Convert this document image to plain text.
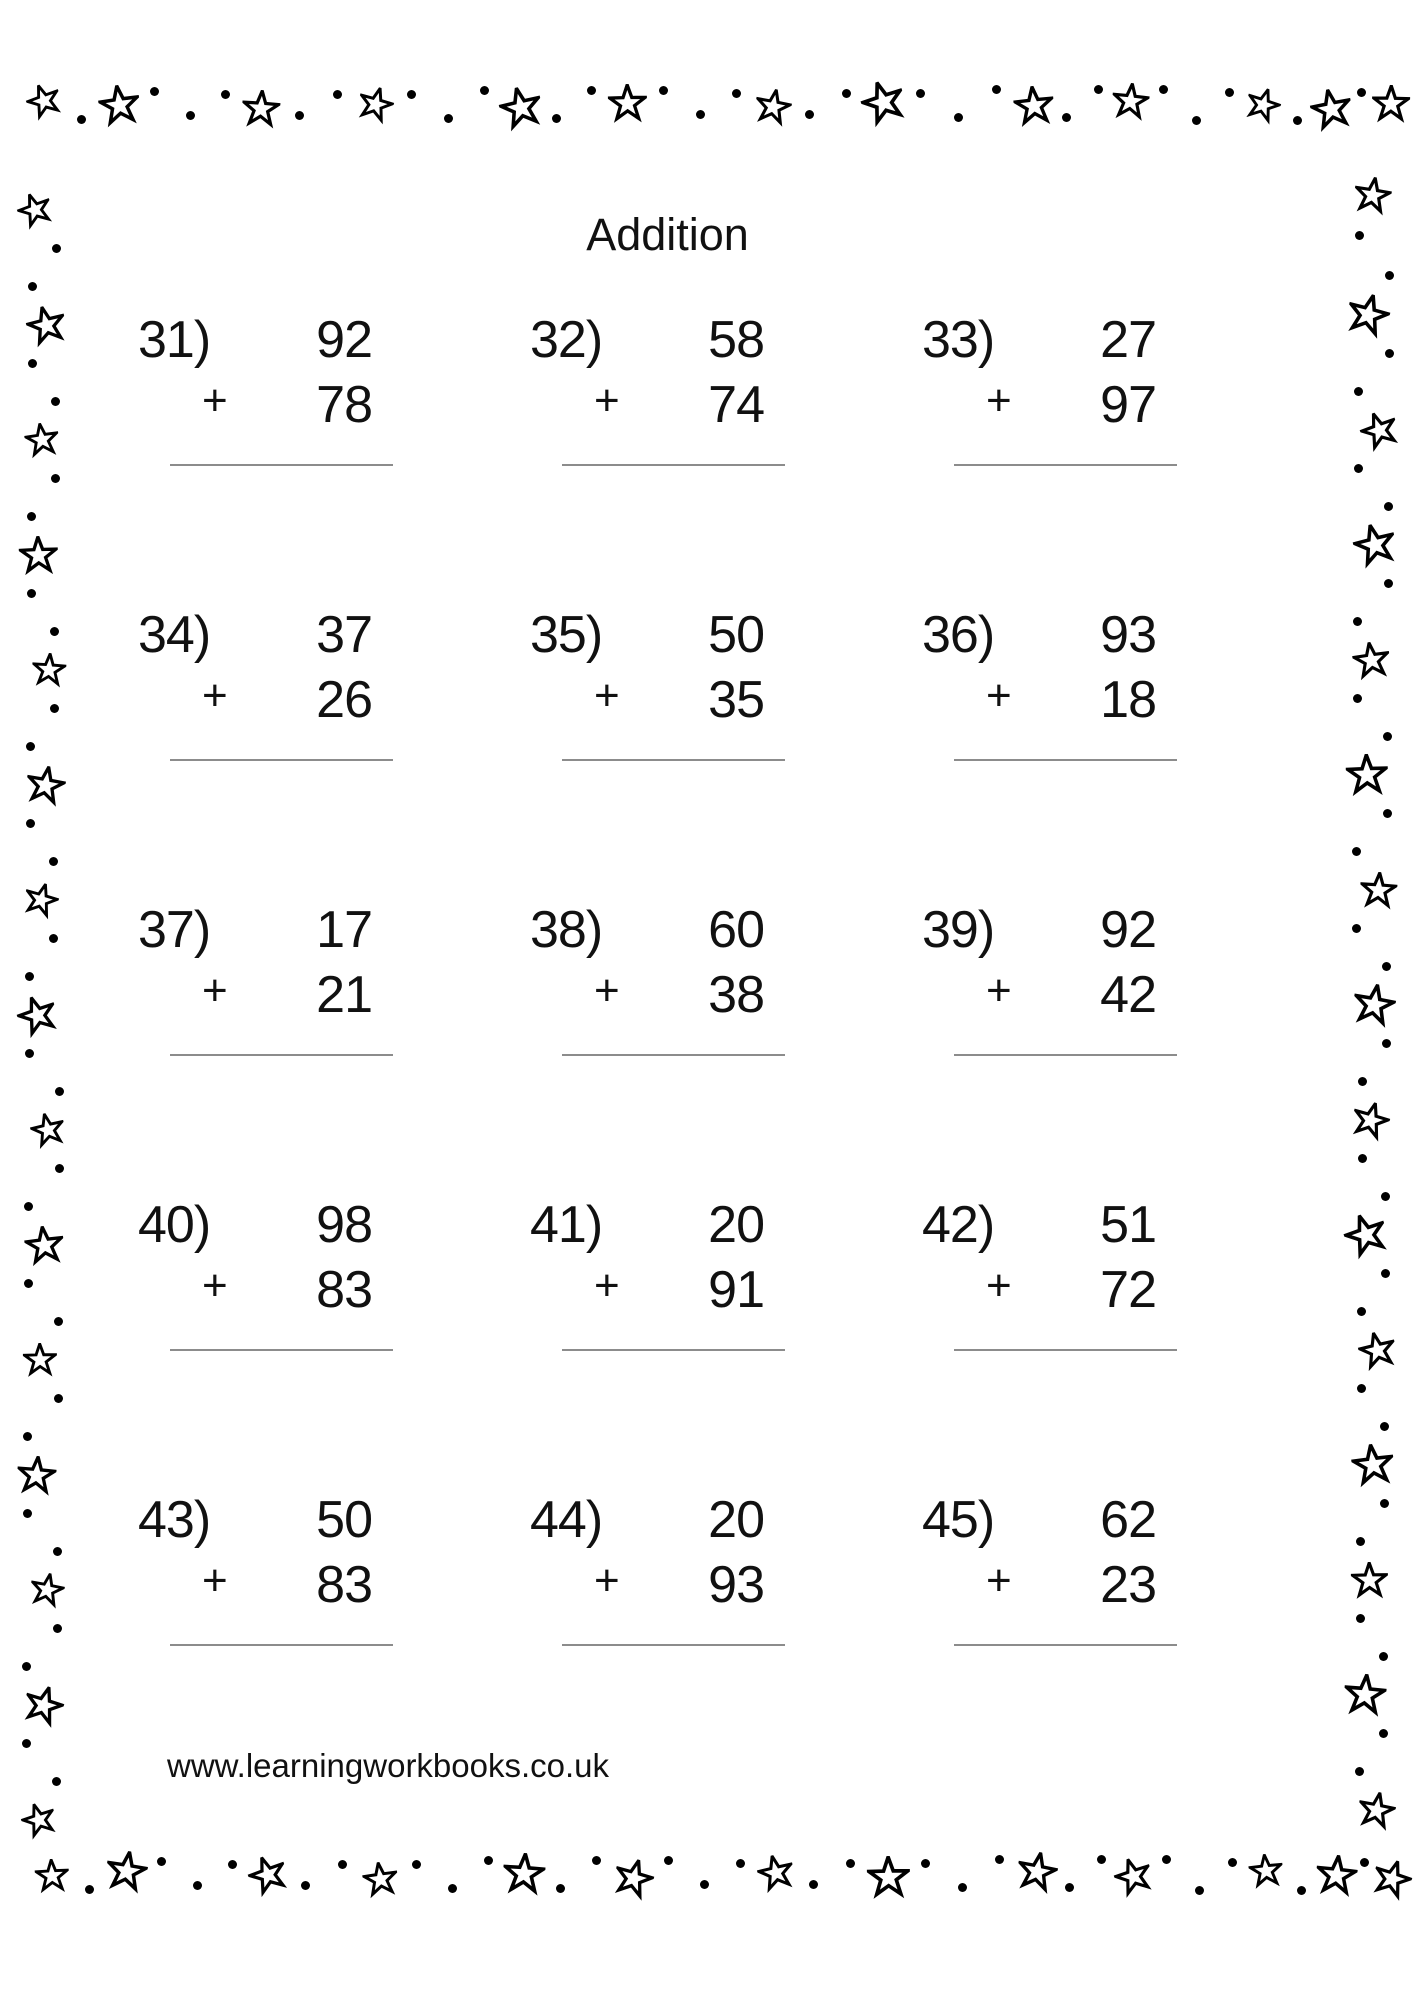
Addition
31)	92
+	78
32)	58
+	74
33)	27
+	97
34)	37
+	26
35)	50
+	35
36)	93
+	18
37)	17
+	21
38)	60
+	38
39)	92
+	42
40)	98
+	83
41)	20
+	91
42)	51
+	72
43)	50
+	83
44)	20
+	93
45)	62
+	23
www.learningworkbooks.co.uk
